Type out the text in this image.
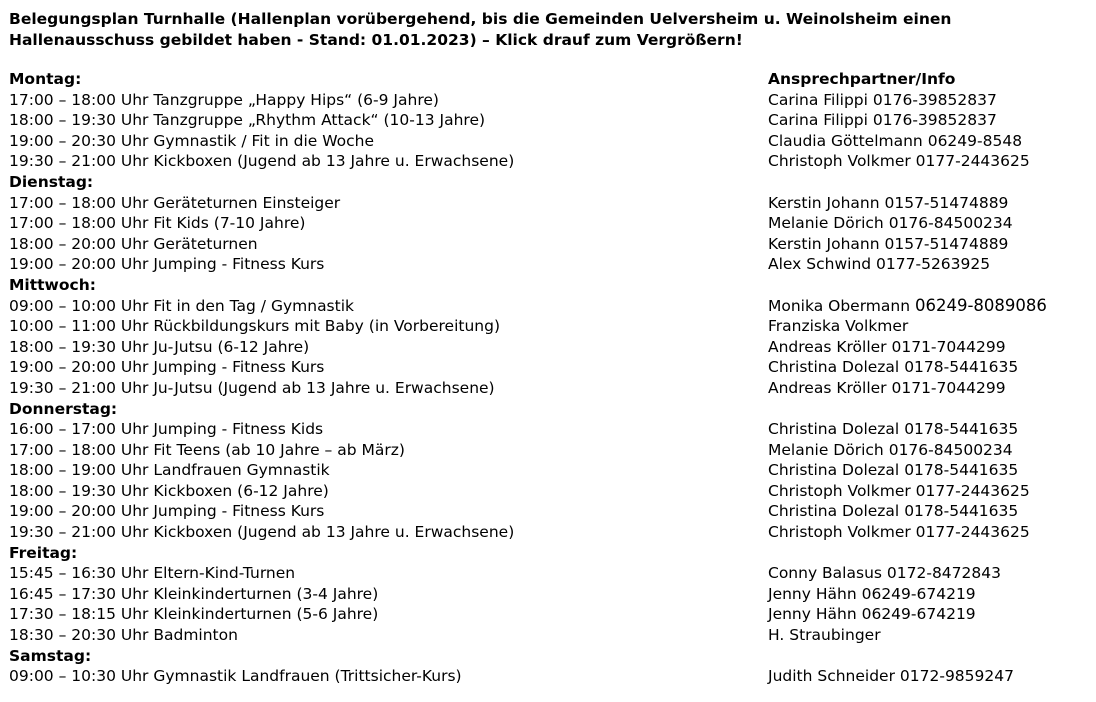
Belegungsplan Turnhalle (Hallenplan vorübergehend, bis die Gemeinden Uelversheim u. Weinolsheim einen
Hallenausschuss gebildet haben - Stand: 01.01.2023) – Klick drauf zum Vergrößern!
Montag:	Ansprechpartner/Info
17:00 – 18:00 Uhr Tanzgruppe „Happy Hips“ (6-9 Jahre)	Carina Filippi 0176-39852837
18:00 – 19:30 Uhr Tanzgruppe „Rhythm Attack“ (10-13 Jahre)	Carina Filippi 0176-39852837
19:00 – 20:30 Uhr Gymnastik / Fit in die Woche	Claudia Göttelmann 06249-8548
19:30 – 21:00 Uhr Kickboxen (Jugend ab 13 Jahre u. Erwachsene)	Christoph Volkmer 0177-2443625
Dienstag:
17:00 – 18:00 Uhr Geräteturnen Einsteiger	Kerstin Johann 0157-51474889
17:00 – 18:00 Uhr Fit Kids (7-10 Jahre)	Melanie Dörich 0176-84500234
18:00 – 20:00 Uhr Geräteturnen	Kerstin Johann 0157-51474889
19:00 – 20:00 Uhr Jumping - Fitness Kurs	Alex Schwind 0177-5263925
Mittwoch:
09:00 – 10:00 Uhr Fit in den Tag / Gymnastik	Monika Obermann 06249-8089086
10:00 – 11:00 Uhr Rückbildungskurs mit Baby (in Vorbereitung)	Franziska Volkmer
18:00 – 19:30 Uhr Ju-Jutsu (6-12 Jahre)	Andreas Kröller 0171-7044299
19:00 – 20:00 Uhr Jumping - Fitness Kurs	Christina Dolezal 0178-5441635
19:30 – 21:00 Uhr Ju-Jutsu (Jugend ab 13 Jahre u. Erwachsene)	Andreas Kröller 0171-7044299
Donnerstag:
16:00 – 17:00 Uhr Jumping - Fitness Kids	Christina Dolezal 0178-5441635
17:00 – 18:00 Uhr Fit Teens (ab 10 Jahre – ab März)	Melanie Dörich 0176-84500234
18:00 – 19:00 Uhr Landfrauen Gymnastik	Christina Dolezal 0178-5441635
18:00 – 19:30 Uhr Kickboxen (6-12 Jahre)	Christoph Volkmer 0177-2443625
19:00 – 20:00 Uhr Jumping - Fitness Kurs	Christina Dolezal 0178-5441635
19:30 – 21:00 Uhr Kickboxen (Jugend ab 13 Jahre u. Erwachsene)	Christoph Volkmer 0177-2443625
Freitag:
15:45 – 16:30 Uhr Eltern-Kind-Turnen	Conny Balasus 0172-8472843
16:45 – 17:30 Uhr Kleinkinderturnen (3-4 Jahre)	Jenny Hähn 06249-674219
17:30 – 18:15 Uhr Kleinkinderturnen (5-6 Jahre)	Jenny Hähn 06249-674219
18:30 – 20:30 Uhr Badminton	H. Straubinger
Samstag:
09:00 – 10:30 Uhr Gymnastik Landfrauen (Trittsicher-Kurs)	Judith Schneider 0172-9859247
